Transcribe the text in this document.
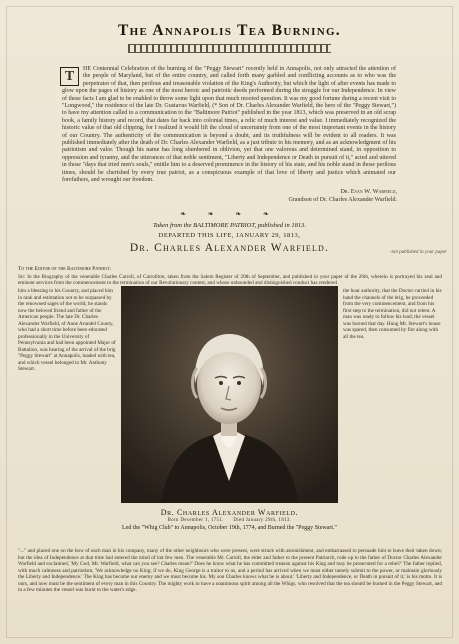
The Annapolis Tea Burning.
T	HE Centennial Celebration of the burning of the "Peggy Stewart" recently held in Annapolis, not only attracted the attention of the people of Maryland, but of the entire country, and called forth many garbled and conflicting accounts as to who was the perpetrator of that, then perilous and treasonable violation of the King's Authority, but which the light of after events has made to glow upon the pages of history as one of the most heroic and patriotic deeds performed during the struggle for our Independence. In view of these facts I am glad to be enabled to throw some light upon that much mooted question. It was my good fortune during a recent visit to "Longwood," the residence of the late Dr. Gustavus Warfield, (* Son of Dr. Charles Alexander Warfield, the hero of the "Peggy Stewart,") to have my attention called to a communication to the "Baltimore Patriot" published in the year 1813, which was preserved in an old scrap book, a family history and record, that dates far back into colonial times, a relic of much interest and value. I immediately recognized the historic value of that old clipping, for I realized it would lift the cloud of uncertainty from one of the most important events in the history of our Country. The authenticity of the communication is beyond a doubt, and its truthfulness will be evident to all readers. It was published immediately after the death of Dr. Charles Alexander Warfield, as a just tribute to his memory, and as an acknowledgment of his patriotism and valor. Though his name has long slumbered in oblivion, yet that one valorous and determined stand, in opposition to oppression and tyranny, and the utterances of that noble sentiment, "Liberty and Independence or Death in pursuit of it," acted and uttered in those "days that tried men's souls," entitle him to a deserved prominence in the history of his state, and his noble stand in those perilous times, should be cherished by every true patriot, as a conspicuous example of that love of liberty and justice which animated our forefathers, and wrought our freedom.
Dr. Evan W. Warfield,
Grandson of Dr. Charles Alexander Warfield.
❧ ❧ ❧ ❧
Taken from the BALTIMORE PATRIOT, published in 1813.
DEPARTED THIS LIFE, JANUARY 29, 1813,
Dr. Charles Alexander Warfield.	-not published in your paper
To the Editor of the Baltimore Patriot:
Sir: In the Biography of the venerable Charles Carroll, of Carrollton, taken from the Salem Register of 20th of September, and published in your paper of the 26th, wherein is portrayed his zeal and eminent services from the commencement to the termination of our Revolutionary contest, and whose unbounded and distinguished conduct has rendered
him a blessing to his Country, and placed him in rank and estimation not to be surpassed by the renowned sages of the world; he stands now the beloved friend and father of the American people. The late Dr. Charles Alexander Warfield, of Anne Arundel County, who had a short time before been educated professionally in the University of Pennsylvania and had been appointed Major of Battalion, was hearing of the arrival of the brig "Peggy Stewart" at Annapolis, loaded with tea, and which vessel belonged to Mr. Anthony Stewart.
the hoar authority, that the Doctor carried in his hand the channels of the brig, he proceeded from the very commencement, and from his first step to the termination, did not relent. A man was ready to follow his lead; the vessel was burned that day. Hung Mr. Stewart's house was spared, then consumed by fire along with all the tea.
Dr. Charles Alexander Warfield.
Born December 1, 1751. Died January 29th, 1813.
Led the "Whig Club" to Annapolis, October 19th, 1774, and Burned the "Peggy Stewart."
"..." and placed one on the bow of each man in his company, many of the other neighbours who were present, were struck with astonishment, and embarrassed to persuade him to leave their taken down; but the idea of Independence at that time had entered the mind of but few men. The venerable Mr. Carroll, the elder and father to the present Patriarch, rode up to the father of Doctor Charles Alexander Warfield and exclaimed, 'My God, Mr. Warfield, what can you see? Charles mean?' Does he know what he has committed treason against his King and may be prosecuted for a rebel?' The father replied, with much calmness and patriotism, 'We acknowledge no King; if we do, King George is a traitor to us, and a period has arrived when we must either tamely submit to the power, or maintain gloriously the Liberty and Independence.' The King has become our enemy and we must become his. My son Charles knows what he is about.' 'Liberty and Independence, or Death in pursuit of it,' is his motto. It is ours, and now must be the sentiment of every man in this Country. The mighty work to have a unanimous spirit among all the Whigs, who resolved that the tea should be burned in the Peggy Stewart, and in a few minutes the vessel was burnt to the water's edge.
